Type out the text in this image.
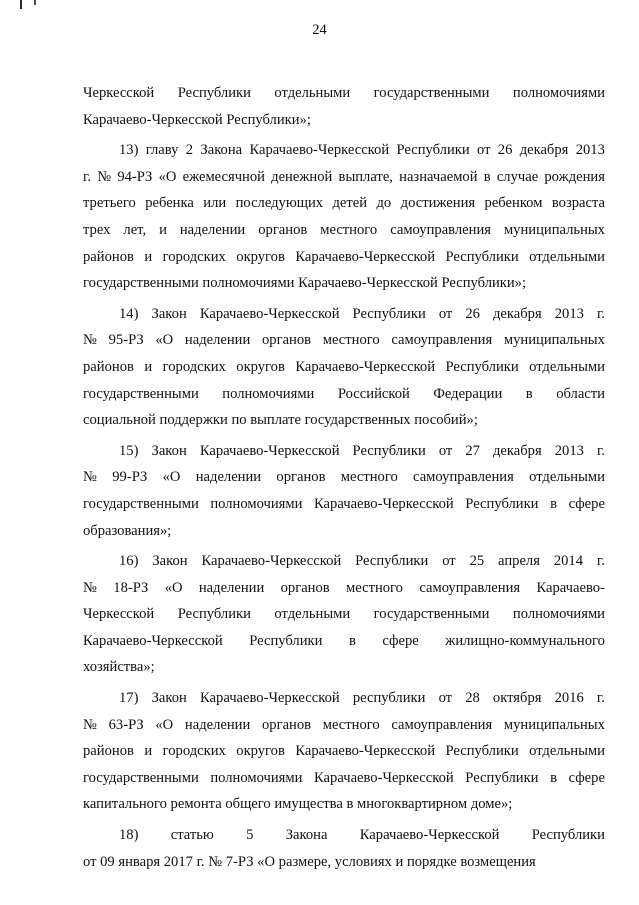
24
Черкесской Республики отдельными государственными полномочиями
Карачаево-Черкесской Республики»;
13) главу 2 Закона Карачаево-Черкесской Республики от 26 декабря 2013
г. № 94-РЗ «О ежемесячной денежной выплате, назначаемой в случае рождения
третьего ребенка или последующих детей до достижения ребенком возраста
трех лет, и наделении органов местного самоуправления муниципальных
районов и городских округов Карачаево-Черкесской Республики отдельными
государственными полномочиями Карачаево-Черкесской Республики»;
14) Закон Карачаево-Черкесской Республики от 26 декабря 2013 г.
№ 95-РЗ «О наделении органов местного самоуправления муниципальных
районов и городских округов Карачаево-Черкесской Республики отдельными
государственными полномочиями Российской Федерации в области
социальной поддержки по выплате государственных пособий»;
15) Закон Карачаево-Черкесской Республики от 27 декабря 2013 г.
№ 99-РЗ «О наделении органов местного самоуправления отдельными
государственными полномочиями Карачаево-Черкесской Республики в сфере
образования»;
16) Закон Карачаево-Черкесской Республики от 25 апреля 2014 г.
№ 18-РЗ «О наделении органов местного самоуправления Карачаево-
Черкесской Республики отдельными государственными полномочиями
Карачаево-Черкесской Республики в сфере жилищно-коммунального
хозяйства»;
17) Закон Карачаево-Черкесской республики от 28 октября 2016 г.
№ 63-РЗ «О наделении органов местного самоуправления муниципальных
районов и городских округов Карачаево-Черкесской Республики отдельными
государственными полномочиями Карачаево-Черкесской Республики в сфере
капитального ремонта общего имущества в многоквартирном доме»;
18) статью 5 Закона Карачаево-Черкесской Республики
от 09 января 2017 г. № 7-РЗ «О размере, условиях и порядке возмещения
